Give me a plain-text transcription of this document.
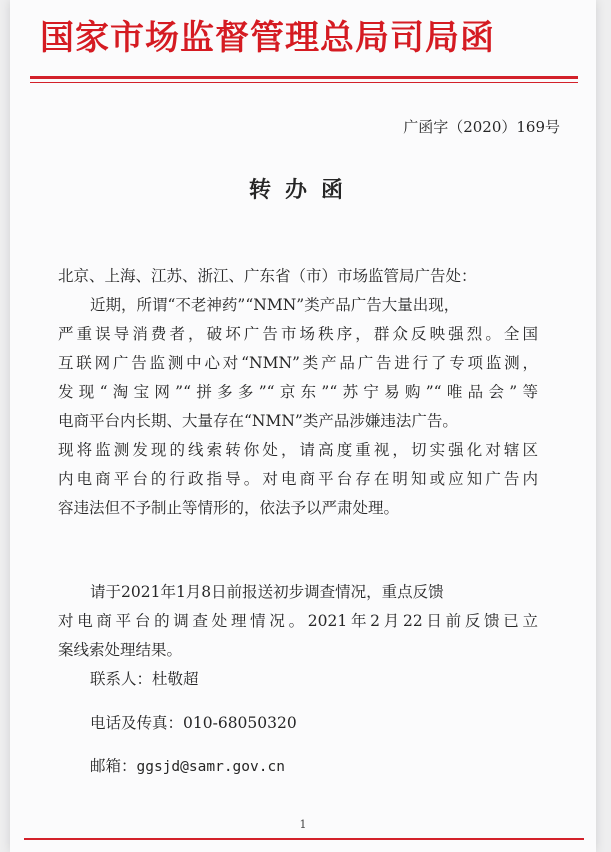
国家市场监督管理总局司局函
广函字（2020）169号
转办函
北京、上海、江苏、浙江、广东省（市）市场监管局广告处：
近期，所谓“不老神药”“NMN”类产品广告大量出现，
严重误导消费者，破坏广告市场秩序，群众反映强烈。全国
互联网广告监测中心对“NMN”类产品广告进行了专项监测，
发现“淘宝网”“拼多多”“京东”“苏宁易购”“唯品会”等
电商平台内长期、大量存在“NMN”类产品涉嫌违法广告。
现将监测发现的线索转你处，请高度重视，切实强化对辖区
内电商平台的行政指导。对电商平台存在明知或应知广告内
容违法但不予制止等情形的，依法予以严肃处理。
请于2021年1月8日前报送初步调查情况，重点反馈
对电商平台的调查处理情况。2021年2月22日前反馈已立
案线索处理结果。
联系人：杜敬超
电话及传真：010-68050320
邮箱：ggsjd@samr.gov.cn
1
